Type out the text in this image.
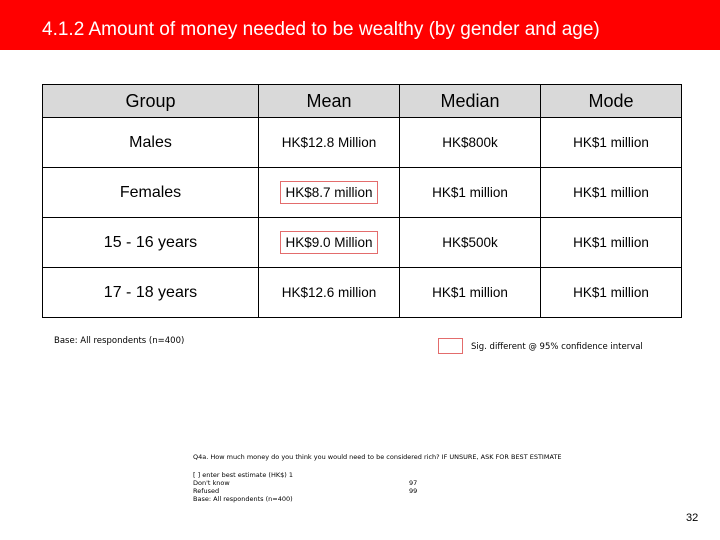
4.1.2 Amount of money needed to be wealthy (by gender and age)
Group	Mean	Median	Mode
Males	HK$12.8 Million	HK$800k	HK$1 million
Females	HK$8.7 million	HK$1 million	HK$1 million
15 - 16 years	HK$9.0 Million	HK$500k	HK$1 million
17 - 18 years	HK$12.6 million	HK$1 million	HK$1 million
Base: All respondents (n=400)
Sig. different @ 95% confidence interval
Q4a. How much money do you think you would need to be considered rich? IF UNSURE, ASK FOR BEST ESTIMATE
[ ] enter best estimate (HK$) 1
Don't know	97
Refused	99
Base: All respondents (n=400)
32
